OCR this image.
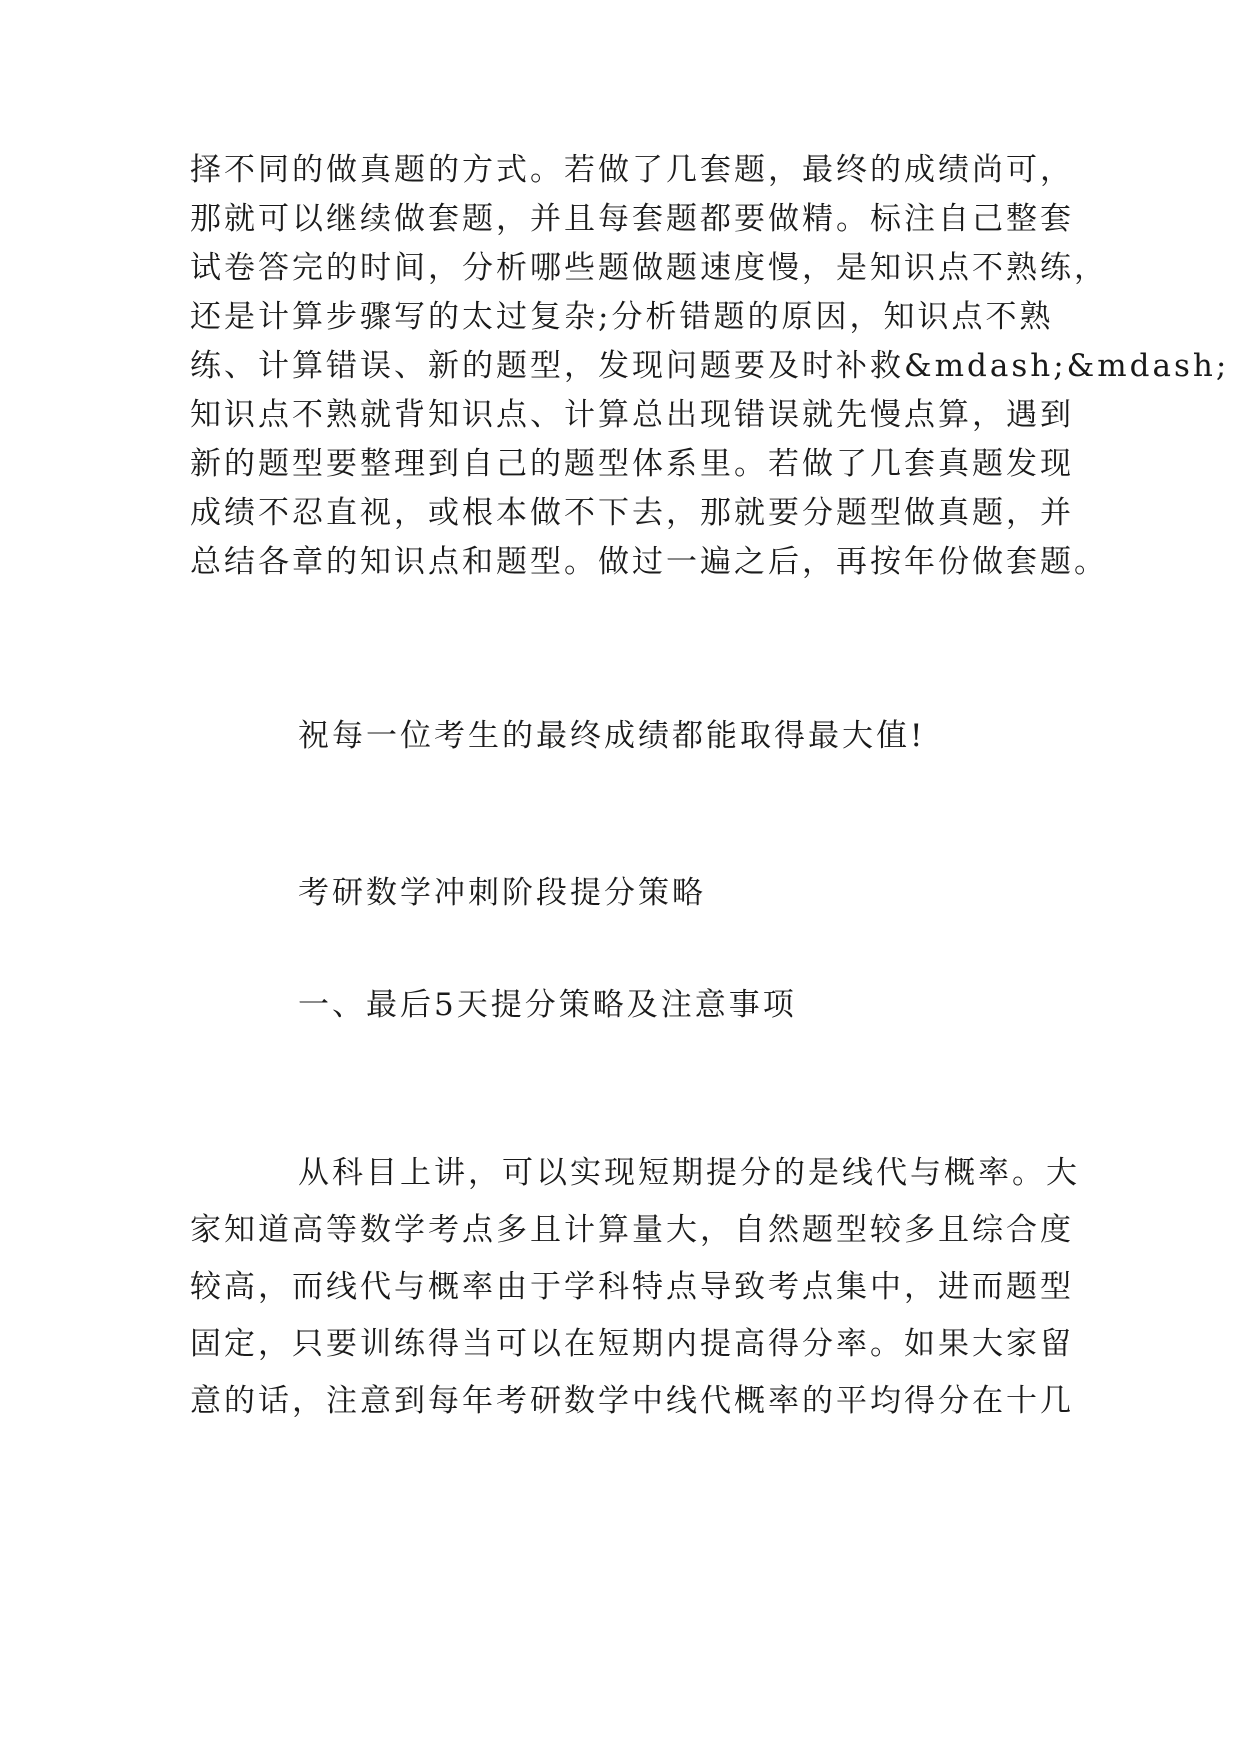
择不同的做真题的方式。若做了几套题，最终的成绩尚可，
那就可以继续做套题，并且每套题都要做精。标注自己整套
试卷答完的时间，分析哪些题做题速度慢，是知识点不熟练，
还是计算步骤写的太过复杂;分析错题的原因，知识点不熟
练、计算错误、新的题型，发现问题要及时补救&mdash;&mdash;
知识点不熟就背知识点、计算总出现错误就先慢点算，遇到
新的题型要整理到自己的题型体系里。若做了几套真题发现
成绩不忍直视，或根本做不下去，那就要分题型做真题，并
总结各章的知识点和题型。做过一遍之后，再按年份做套题。
祝每一位考生的最终成绩都能取得最大值!
考研数学冲刺阶段提分策略
一、最后5天提分策略及注意事项
从科目上讲，可以实现短期提分的是线代与概率。大
家知道高等数学考点多且计算量大，自然题型较多且综合度
较高，而线代与概率由于学科特点导致考点集中，进而题型
固定，只要训练得当可以在短期内提高得分率。如果大家留
意的话，注意到每年考研数学中线代概率的平均得分在十几
